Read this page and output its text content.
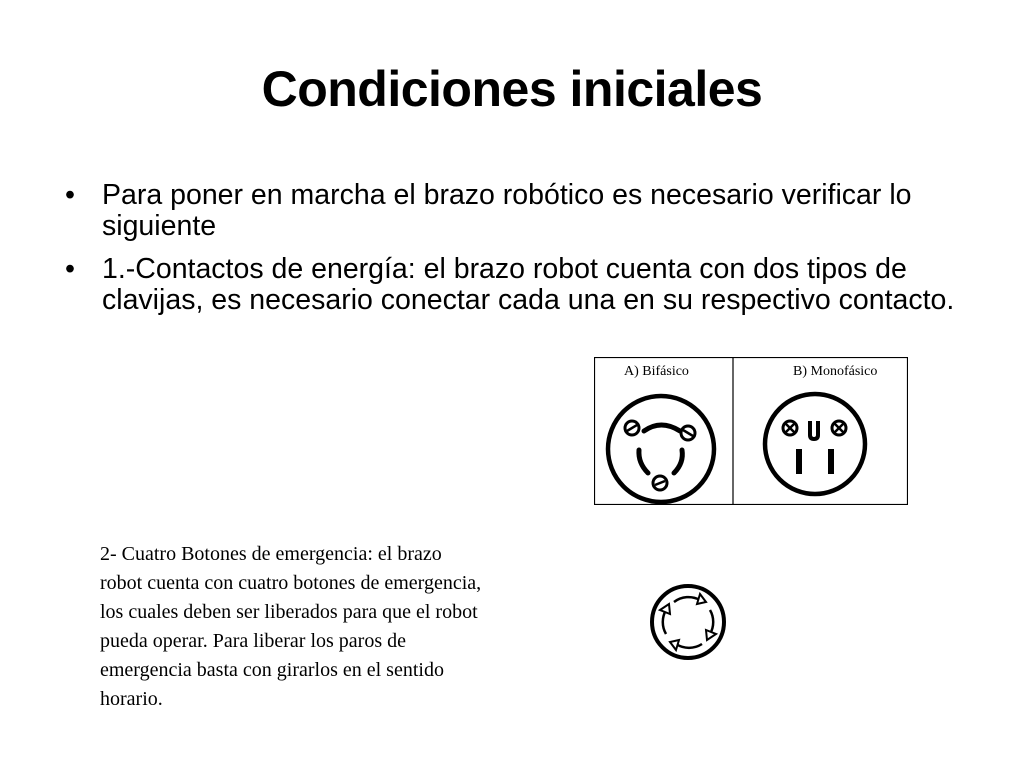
Condiciones iniciales
• Para poner en marcha el brazo robótico es necesario verificar lo siguiente
• 1.-Contactos de energía: el brazo robot cuenta con dos tipos de clavijas, es necesario conectar cada una en su respectivo contacto.
A) Bifásico	B) Monofásico
2- Cuatro Botones de emergencia: el brazo
robot cuenta con cuatro botones de emergencia,
los cuales deben ser liberados para que el robot
pueda operar. Para liberar los paros de
emergencia basta con girarlos en el sentido
horario.
